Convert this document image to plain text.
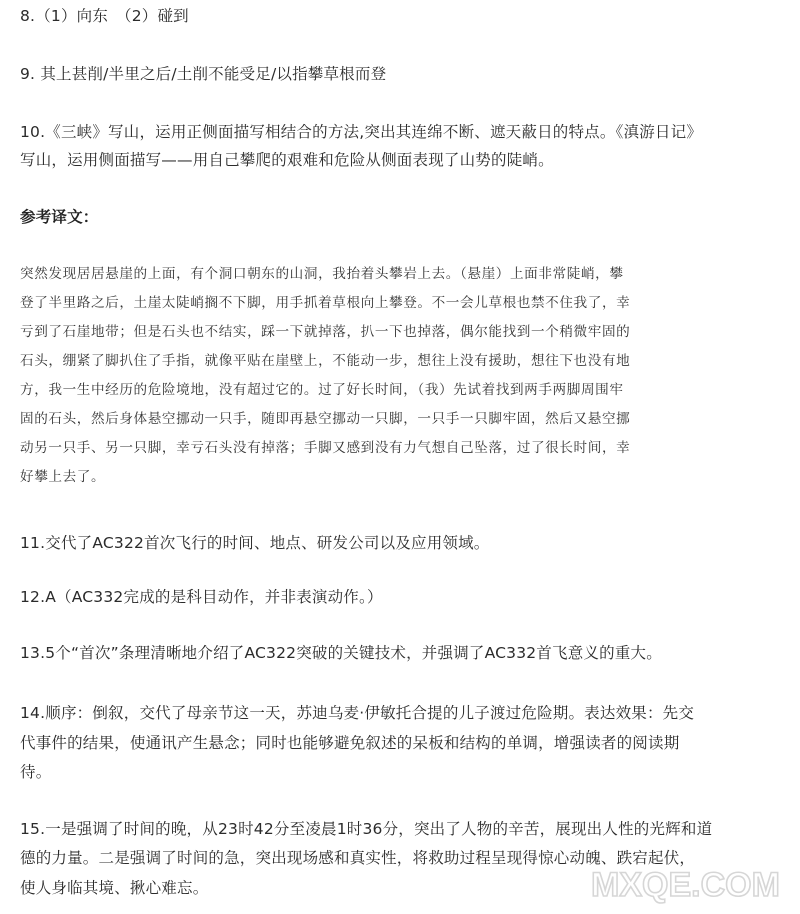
8.（1）向东　（2）碰到
9. 其上甚削/半里之后/土削不能受足/以指攀草根而登
10.《三峡》写山，运用正侧面描写相结合的方法,突出其连绵不断、遮天蔽日的特点。《滇游日记》
写山，运用侧面描写——用自己攀爬的艰难和危险从侧面表现了山势的陡峭。
参考译文：
突然发现居居悬崖的上面，有个洞口朝东的山洞，我抬着头攀岩上去。（悬崖）上面非常陡峭，攀
登了半里路之后，土崖太陡峭搁不下脚，用手抓着草根向上攀登。不一会儿草根也禁不住我了，幸
亏到了石崖地带；但是石头也不结实，踩一下就掉落，扒一下也掉落，偶尔能找到一个稍微牢固的
石头，绷紧了脚扒住了手指，就像平贴在崖壁上，不能动一步，想往上没有援助，想往下也没有地
方，我一生中经历的危险境地，没有超过它的。过了好长时间，（我）先试着找到两手两脚周围牢
固的石头，然后身体悬空挪动一只手，随即再悬空挪动一只脚，一只手一只脚牢固，然后又悬空挪
动另一只手、另一只脚，幸亏石头没有掉落；手脚又感到没有力气想自己坠落，过了很长时间，幸
好攀上去了。
11.交代了AC322首次飞行的时间、地点、研发公司以及应用领域。
12.A（AC332完成的是科目动作，并非表演动作。）
13.5个“首次”条理清晰地介绍了AC322突破的关键技术，并强调了AC332首飞意义的重大。
14.顺序：倒叙，交代了母亲节这一天，苏迪乌麦·伊敏托合提的儿子渡过危险期。表达效果：先交
代事件的结果，使通讯产生悬念；同时也能够避免叙述的呆板和结构的单调，增强读者的阅读期
待。
15.一是强调了时间的晚，从23时42分至凌晨1时36分，突出了人物的辛苦，展现出人性的光辉和道
德的力量。二是强调了时间的急，突出现场感和真实性，将救助过程呈现得惊心动魄、跌宕起伏，
使人身临其境、揪心难忘。	MXQE.COM
